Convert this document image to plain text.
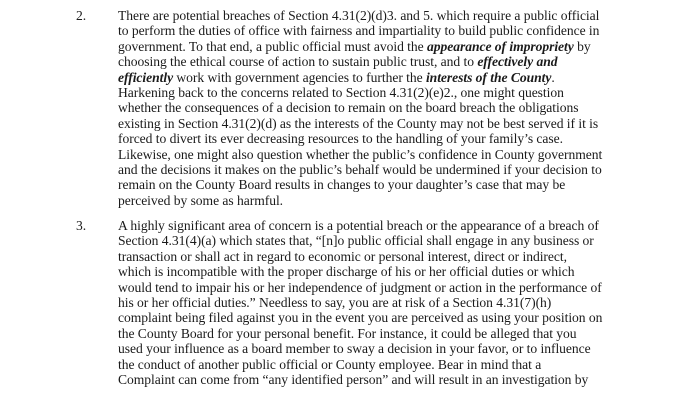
2. There are potential breaches of Section 4.31(2)(d)3. and 5. which require a public official
to perform the duties of office with fairness and impartiality to build public confidence in
government. To that end, a public official must avoid the appearance of impropriety by
choosing the ethical course of action to sustain public trust, and to effectively and
efficiently work with government agencies to further the interests of the County.
Harkening back to the concerns related to Section 4.31(2)(e)2., one might question
whether the consequences of a decision to remain on the board breach the obligations
existing in Section 4.31(2)(d) as the interests of the County may not be best served if it is
forced to divert its ever decreasing resources to the handling of your family’s case.
Likewise, one might also question whether the public’s confidence in County government
and the decisions it makes on the public’s behalf would be undermined if your decision to
remain on the County Board results in changes to your daughter’s case that may be
perceived by some as harmful.
3. A highly significant area of concern is a potential breach or the appearance of a breach of
Section 4.31(4)(a) which states that, “[n]o public official shall engage in any business or
transaction or shall act in regard to economic or personal interest, direct or indirect,
which is incompatible with the proper discharge of his or her official duties or which
would tend to impair his or her independence of judgment or action in the performance of
his or her official duties.” Needless to say, you are at risk of a Section 4.31(7)(h)
complaint being filed against you in the event you are perceived as using your position on
the County Board for your personal benefit. For instance, it could be alleged that you
used your influence as a board member to sway a decision in your favor, or to influence
the conduct of another public official or County employee. Bear in mind that a
Complaint can come from “any identified person” and will result in an investigation by
